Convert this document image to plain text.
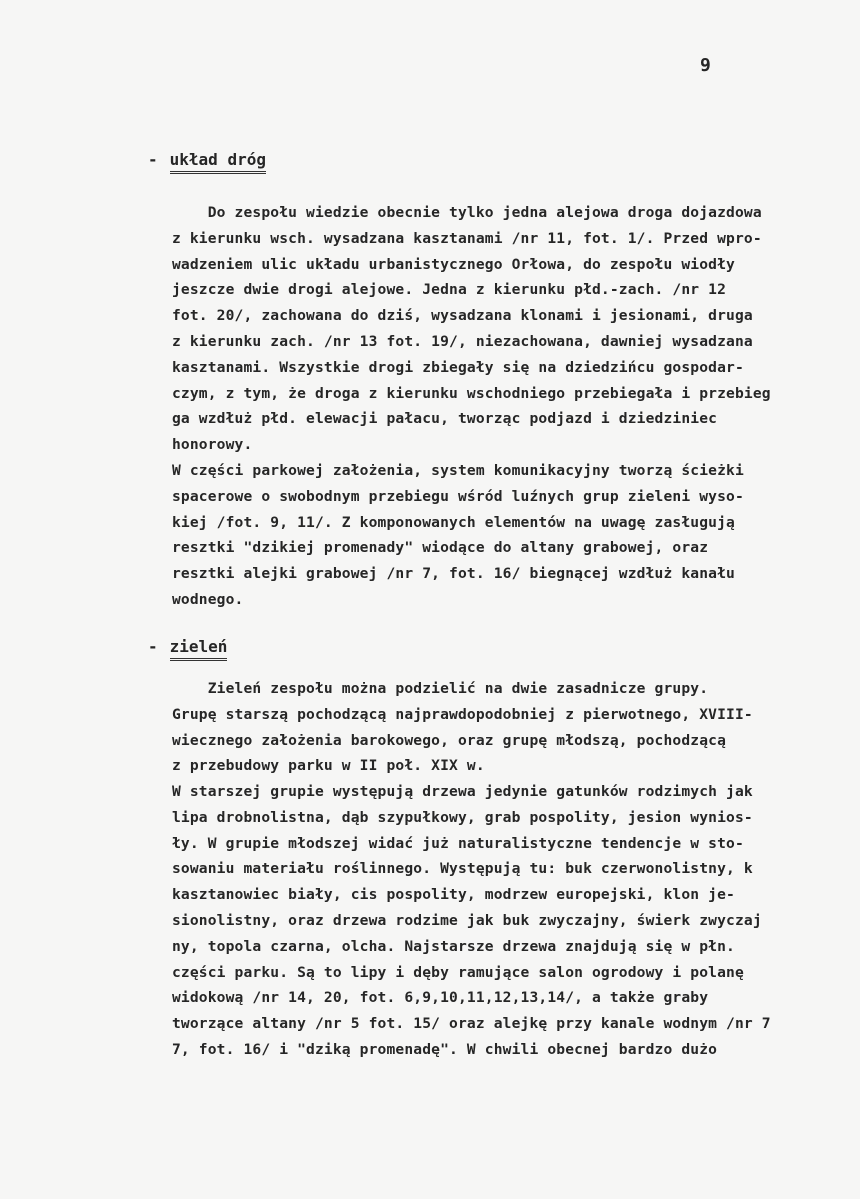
9
- układ dróg
Do zespołu wiedzie obecnie tylko jedna alejowa droga dojazdowa
z kierunku wsch. wysadzana kasztanami /nr 11, fot. 1/. Przed wpro-
wadzeniem ulic układu urbanistycznego Orłowa, do zespołu wiodły
jeszcze dwie drogi alejowe. Jedna z kierunku płd.-zach. /nr 12
fot. 20/, zachowana do dziś, wysadzana klonami i jesionami, druga
z kierunku zach. /nr 13 fot. 19/, niezachowana, dawniej wysadzana
kasztanami. Wszystkie drogi zbiegały się na dziedzińcu gospodar-
czym, z tym, że droga z kierunku wschodniego przebiegała i przebieg
ga wzdłuż płd. elewacji pałacu, tworząc podjazd i dziedziniec
honorowy.
W części parkowej założenia, system komunikacyjny tworzą ścieżki
spacerowe o swobodnym przebiegu wśród luźnych grup zieleni wyso-
kiej /fot. 9, 11/. Z komponowanych elementów na uwagę zasługują
resztki "dzikiej promenady" wiodące do altany grabowej, oraz
resztki alejki grabowej /nr 7, fot. 16/ biegnącej wzdłuż kanału
wodnego.
- zieleń
Zieleń zespołu można podzielić na dwie zasadnicze grupy.
Grupę starszą pochodzącą najprawdopodobniej z pierwotnego, XVIII-
wiecznego założenia barokowego, oraz grupę młodszą, pochodzącą
z przebudowy parku w II poł. XIX w.
W starszej grupie występują drzewa jedynie gatunków rodzimych jak
lipa drobnolistna, dąb szypułkowy, grab pospolity, jesion wynios-
ły. W grupie młodszej widać już naturalistyczne tendencje w sto-
sowaniu materiału roślinnego. Występują tu: buk czerwonolistny, k
kasztanowiec biały, cis pospolity, modrzew europejski, klon je-
sionolistny, oraz drzewa rodzime jak buk zwyczajny, świerk zwyczaj
ny, topola czarna, olcha. Najstarsze drzewa znajdują się w płn.
części parku. Są to lipy i dęby ramujące salon ogrodowy i polanę
widokową /nr 14, 20, fot. 6,9,10,11,12,13,14/, a także graby
tworzące altany /nr 5 fot. 15/ oraz alejkę przy kanale wodnym /nr 7
7, fot. 16/ i "dziką promenadę". W chwili obecnej bardzo dużo
